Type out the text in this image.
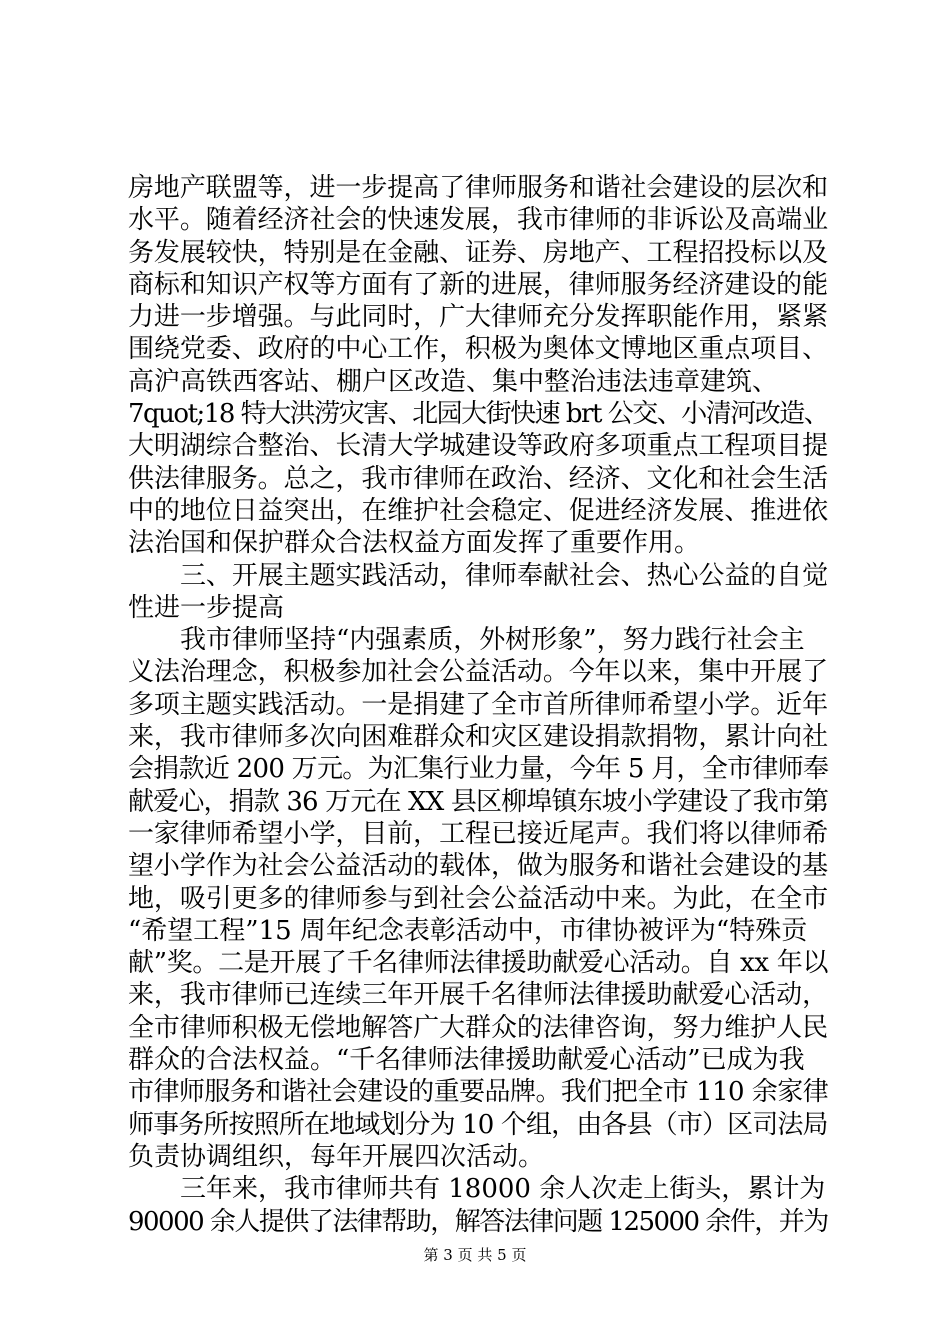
房地产联盟等，进一步提高了律师服务和谐社会建设的层次和
水平。随着经济社会的快速发展，我市律师的非诉讼及高端业
务发展较快，特别是在金融、证券、房地产、工程招投标以及
商标和知识产权等方面有了新的进展，律师服务经济建设的能
力进一步增强。与此同时，广大律师充分发挥职能作用，紧紧
围绕党委、政府的中心工作，积极为奥体文博地区重点项目、
高沪高铁西客站、棚户区改造、集中整治违法违章建筑、
7quot;18 特大洪涝灾害、北园大街快速 brt 公交、小清河改造、
大明湖综合整治、长清大学城建设等政府多项重点工程项目提
供法律服务。总之，我市律师在政治、经济、文化和社会生活
中的地位日益突出，在维护社会稳定、促进经济发展、推进依
法治国和保护群众合法权益方面发挥了重要作用。
三、开展主题实践活动，律师奉献社会、热心公益的自觉
性进一步提高
我市律师坚持“内强素质，外树形象”，努力践行社会主
义法治理念，积极参加社会公益活动。今年以来，集中开展了
多项主题实践活动。一是捐建了全市首所律师希望小学。近年
来，我市律师多次向困难群众和灾区建设捐款捐物，累计向社
会捐款近 200 万元。为汇集行业力量，今年 5 月，全市律师奉
献爱心，捐款 36 万元在 XX 县区柳埠镇东坡小学建设了我市第
一家律师希望小学，目前，工程已接近尾声。我们将以律师希
望小学作为社会公益活动的载体，做为服务和谐社会建设的基
地，吸引更多的律师参与到社会公益活动中来。为此，在全市
“希望工程”15 周年纪念表彰活动中，市律协被评为“特殊贡
献”奖。二是开展了千名律师法律援助献爱心活动。自 xx 年以
来，我市律师已连续三年开展千名律师法律援助献爱心活动，
全市律师积极无偿地解答广大群众的法律咨询，努力维护人民
群众的合法权益。“千名律师法律援助献爱心活动”已成为我
市律师服务和谐社会建设的重要品牌。我们把全市 110 余家律
师事务所按照所在地域划分为 10 个组，由各县（市）区司法局
负责协调组织，每年开展四次活动。
三年来，我市律师共有 18000 余人次走上街头，累计为
90000 余人提供了法律帮助，解答法律问题 125000 余件，并为
第 3 页 共 5 页
